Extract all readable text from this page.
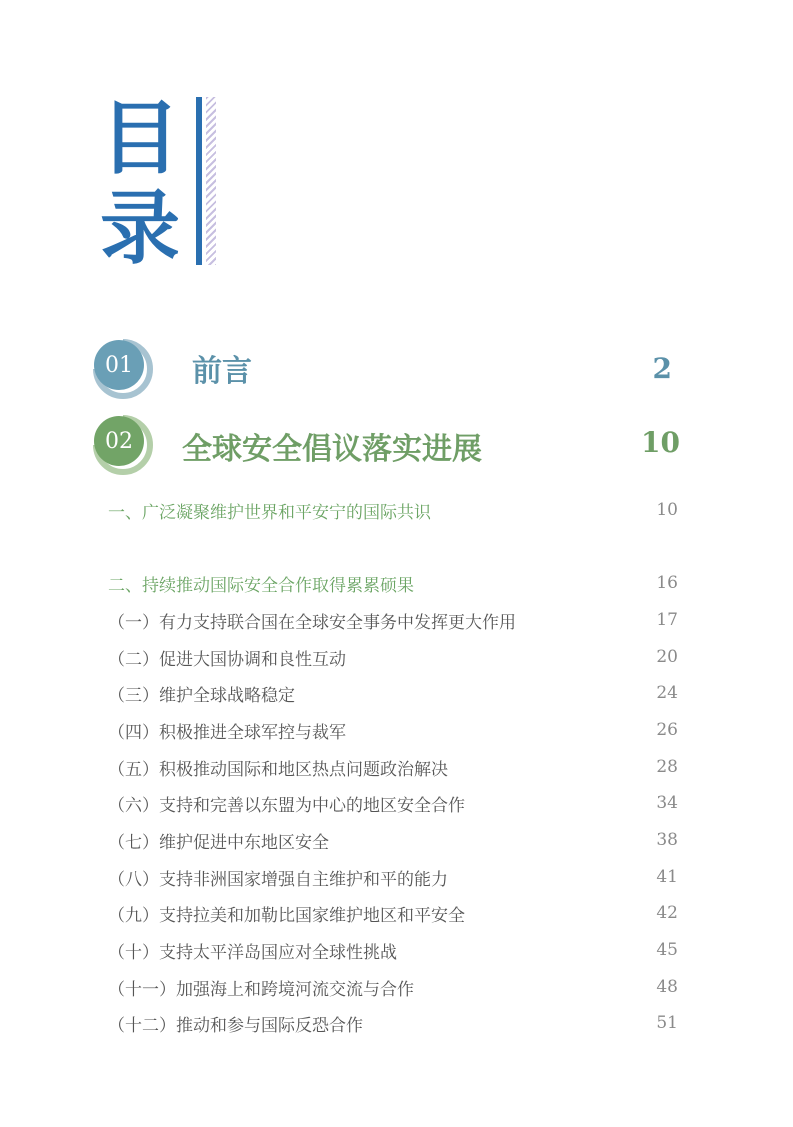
目
录
01	前言	2
02	全球安全倡议落实进展	10
一、广泛凝聚维护世界和平安宁的国际共识	10
二、持续推动国际安全合作取得累累硕果	16
（一）有力支持联合国在全球安全事务中发挥更大作用	17
（二）促进大国协调和良性互动	20
（三）维护全球战略稳定	24
（四）积极推进全球军控与裁军	26
（五）积极推动国际和地区热点问题政治解决	28
（六）支持和完善以东盟为中心的地区安全合作	34
（七）维护促进中东地区安全	38
（八）支持非洲国家增强自主维护和平的能力	41
（九）支持拉美和加勒比国家维护地区和平安全	42
（十）支持太平洋岛国应对全球性挑战	45
（十一）加强海上和跨境河流交流与合作	48
（十二）推动和参与国际反恐合作	51
